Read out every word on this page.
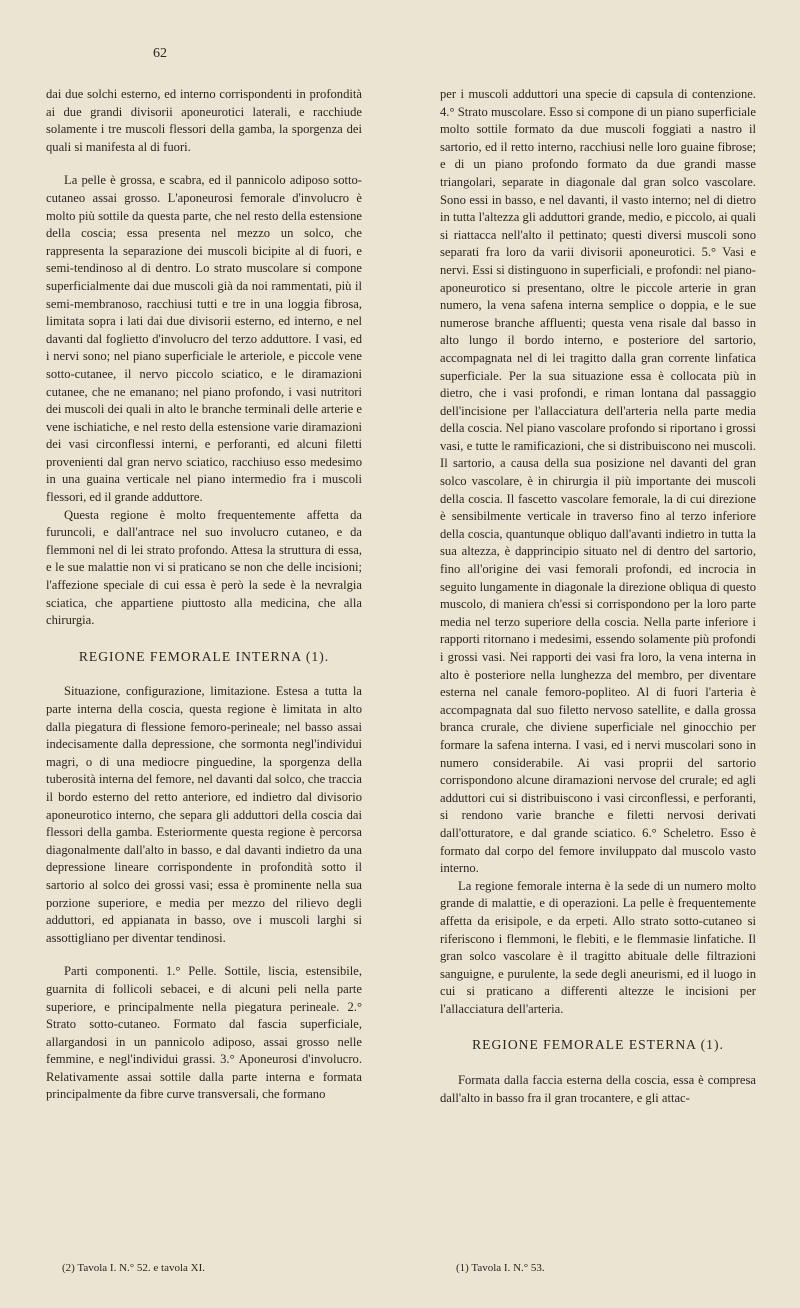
62

dai due solchi esterno, ed interno corrispondenti in profondità ai due grandi divisorii aponeurotici laterali, e racchiude solamente i tre muscoli flessori della gamba, la sporgenza dei quali si manifesta al di fuori.

La pelle è grossa, e scabra, ed il pannicolo adiposo sotto-cutaneo assai grosso. L'aponeurosi femorale d'involucro è molto più sottile da questa parte, che nel resto della estensione della coscia; essa presenta nel mezzo un solco, che rappresenta la separazione dei muscoli bicipite al di fuori, e semi-tendinoso al di dentro. Lo strato muscolare si compone superficialmente dai due muscoli già da noi rammentati, più il semi-membranoso, racchiusi tutti e tre in una loggia fibrosa, limitata sopra i lati dai due divisorii esterno, ed interno, e nel davanti dal foglietto d'involucro del terzo adduttore. I vasi, ed i nervi sono; nel piano superficiale le arteriole, e piccole vene sotto-cutanee, il nervo piccolo sciatico, e le diramazioni cutanee, che ne emanano; nel piano profondo, i vasi nutritori dei muscoli dei quali in alto le branche terminali delle arterie e vene ischiatiche, e nel resto della estensione varie diramazioni dei vasi circonflessi interni, e perforanti, ed alcuni filetti provenienti dal gran nervo sciatico, racchiuso esso medesimo in una guaina verticale nel piano intermedio fra i muscoli flessori, ed il grande adduttore.

Questa regione è molto frequentemente affetta da furuncoli, e dall'antrace nel suo involucro cutaneo, e da flemmoni nel di lei strato profondo. Attesa la struttura di essa, e le sue malattie non vi si praticano se non che delle incisioni; l'affezione speciale di cui essa è però la sede è la nevralgia sciatica, che appartiene piuttosto alla medicina, che alla chirurgia.

REGIONE FEMORALE INTERNA (1).

Situazione, configurazione, limitazione. Estesa a tutta la parte interna della coscia, questa regione è limitata in alto dalla piegatura di flessione femoro-perineale; nel basso assai indecisamente dalla depressione, che sormonta negl'individui magri, o di una mediocre pinguedine, la sporgenza della tuberosità interna del femore, nel davanti dal solco, che traccia il bordo esterno del retto anteriore, ed indietro dal divisorio aponeurotico interno, che separa gli adduttori della coscia dai flessori della gamba. Esteriormente questa regione è percorsa diagonalmente dall'alto in basso, e dal davanti indietro da una depressione lineare corrispondente in profondità sotto il sartorio al solco dei grossi vasi; essa è prominente nella sua porzione superiore, e media per mezzo del rilievo degli adduttori, ed appianata in basso, ove i muscoli larghi si assottigliano per diventar tendinosi.

Parti componenti. 1.° Pelle. Sottile, liscia, estensibile, guarnita di follicoli sebacei, e di alcuni peli nella parte superiore, e principalmente nella piegatura perineale. 2.° Strato sotto-cutaneo. Formato dal fascia superficiale, allargandosi in un pannicolo adiposo, assai grosso nelle femmine, e negl'individui grassi. 3.° Aponeurosi d'involucro. Relativamente assai sottile dalla parte interna e formata principalmente da fibre curve transversali, che formano

per i muscoli adduttori una specie di capsula di contenzione. 4.° Strato muscolare. Esso si compone di un piano superficiale molto sottile formato da due muscoli foggiati a nastro il sartorio, ed il retto interno, racchiusi nelle loro guaine fibrose; e di un piano profondo formato da due grandi masse triangolari, separate in diagonale dal gran solco vascolare. Sono essi in basso, e nel davanti, il vasto interno; nel di dietro in tutta l'altezza gli adduttori grande, medio, e piccolo, ai quali si riattacca nell'alto il pettinato; questi diversi muscoli sono separati fra loro da varii divisorii aponeurotici. 5.° Vasi e nervi. Essi si distinguono in superficiali, e profondi: nel piano-aponeurotico si presentano, oltre le piccole arterie in gran numero, la vena safena interna semplice o doppia, e le sue numerose branche affluenti; questa vena risale dal basso in alto lungo il bordo interno, e posteriore del sartorio, accompagnata nel di lei tragitto dalla gran corrente linfatica superficiale. Per la sua situazione essa è collocata più in dietro, che i vasi profondi, e riman lontana dal passaggio dell'incisione per l'allacciatura dell'arteria nella parte media della coscia. Nel piano vascolare profondo si riportano i grossi vasi, e tutte le ramificazioni, che si distribuiscono nei muscoli. Il sartorio, a causa della sua posizione nel davanti del gran solco vascolare, è in chirurgia il più importante dei muscoli della coscia. Il fascetto vascolare femorale, la di cui direzione è sensibilmente verticale in traverso fino al terzo inferiore della coscia, quantunque obliquo dall'avanti indietro in tutta la sua altezza, è dapprincipio situato nel di dentro del sartorio, fino all'origine dei vasi femorali profondi, ed incrocia in seguito lungamente in diagonale la direzione obliqua di questo muscolo, di maniera ch'essi si corrispondono per la loro parte media nel terzo superiore della coscia. Nella parte inferiore i rapporti ritornano i medesimi, essendo solamente più profondi i grossi vasi. Nei rapporti dei vasi fra loro, la vena interna in alto è posteriore nella lunghezza del membro, per diventare esterna nel canale femoro-popliteo. Al di fuori l'arteria è accompagnata dal suo filetto nervoso satellite, e dalla grossa branca crurale, che diviene superficiale nel ginocchio per formare la safena interna. I vasi, ed i nervi muscolari sono in numero considerabile. Ai vasi proprii del sartorio corrispondono alcune diramazioni nervose del crurale; ed agli adduttori cui si distribuiscono i vasi circonflessi, e perforanti, si rendono varie branche e filetti nervosi derivati dall'otturatore, e dal grande sciatico. 6.° Scheletro. Esso è formato dal corpo del femore inviluppato dal muscolo vasto interno.

La regione femorale interna è la sede di un numero molto grande di malattie, e di operazioni. La pelle è frequentemente affetta da erisipole, e da erpeti. Allo strato sotto-cutaneo si riferiscono i flemmoni, le flebiti, e le flemmasie linfatiche. Il gran solco vascolare è il tragitto abituale delle filtrazioni sanguigne, e purulente, la sede degli aneurismi, ed il luogo in cui si praticano a differenti altezze le incisioni per l'allacciatura dell'arteria.

REGIONE FEMORALE ESTERNA (1).

Formata dalla faccia esterna della coscia, essa è compresa dall'alto in basso fra il gran trocantere, e gli attac-

(2) Tavola I. N.° 52. e tavola XI.	(1) Tavola I. N.° 53.
